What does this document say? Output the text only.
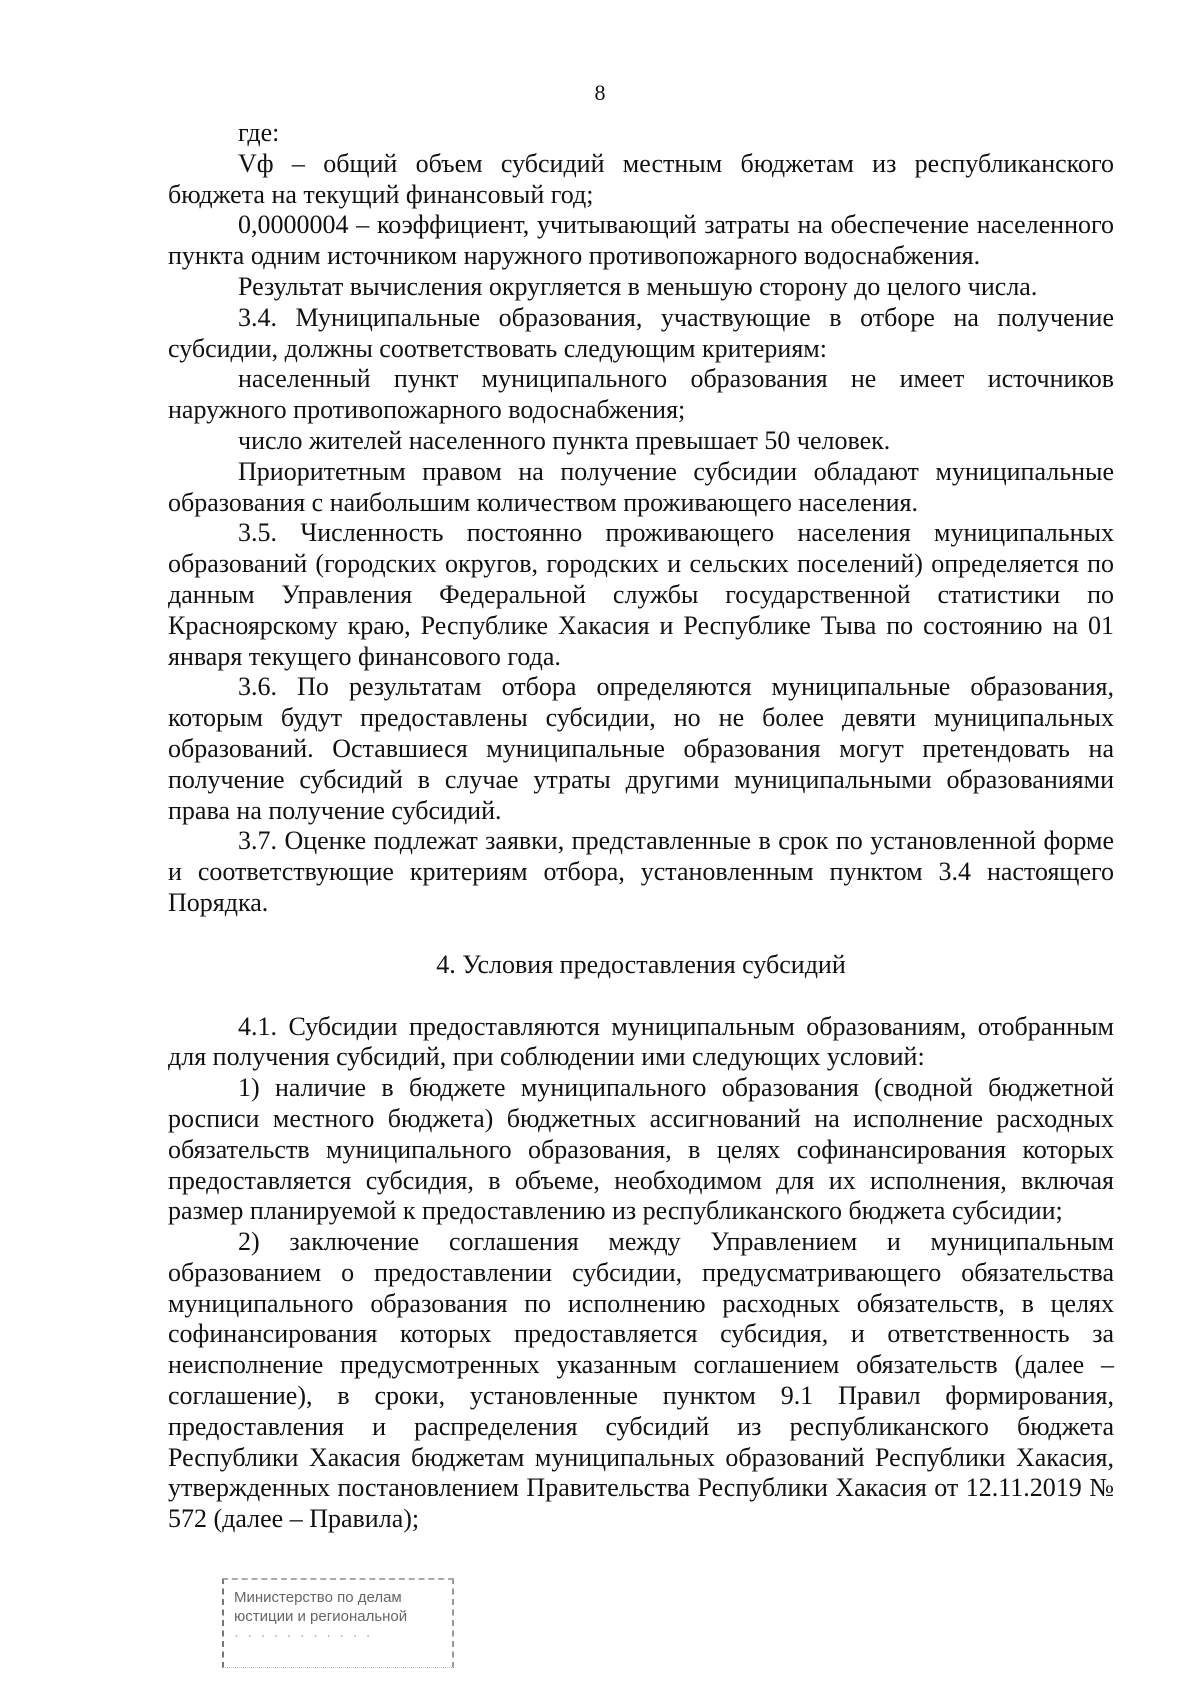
8

где:

Vф – общий объем субсидий местным бюджетам из республиканского бюджета на текущий финансовый год;

0,0000004 – коэффициент, учитывающий затраты на обеспечение населенного пункта одним источником наружного противопожарного водоснабжения.

Результат вычисления округляется в меньшую сторону до целого числа.

3.4. Муниципальные образования, участвующие в отборе на получение субсидии, должны соответствовать следующим критериям:

населенный пункт муниципального образования не имеет источников наружного противопожарного водоснабжения;

число жителей населенного пункта превышает 50 человек.

Приоритетным правом на получение субсидии обладают муниципальные образования с наибольшим количеством проживающего населения.

3.5. Численность постоянно проживающего населения муниципальных образований (городских округов, городских и сельских поселений) определяется по данным Управления Федеральной службы государственной статистики по Красноярскому краю, Республике Хакасия и Республике Тыва по состоянию на 01 января текущего финансового года.

3.6. По результатам отбора определяются муниципальные образования, которым будут предоставлены субсидии, но не более девяти муниципальных образований. Оставшиеся муниципальные образования могут претендовать на получение субсидий в случае утраты другими муниципальными образованиями права на получение субсидий.

3.7. Оценке подлежат заявки, представленные в срок по установленной форме и соответствующие критериям отбора, установленным пунктом 3.4 настоящего Порядка.

4. Условия предоставления субсидий

4.1. Субсидии предоставляются муниципальным образованиям, отобранным для получения субсидий, при соблюдении ими следующих условий:

1) наличие в бюджете муниципального образования (сводной бюджетной росписи местного бюджета) бюджетных ассигнований на исполнение расходных обязательств муниципального образования, в целях софинансирования которых предоставляется субсидия, в объеме, необходимом для их исполнения, включая размер планируемой к предоставлению из республиканского бюджета субсидии;

2) заключение соглашения между Управлением и муниципальным образованием о предоставлении субсидии, предусматривающего обязательства муниципального образования по исполнению расходных обязательств, в целях софинансирования которых предоставляется субсидия, и ответственность за неисполнение предусмотренных указанным соглашением обязательств (далее – соглашение), в сроки, установленные пунктом 9.1 Правил формирования, предоставления и распределения субсидий из республиканского бюджета Республики Хакасия бюджетам муниципальных образований Республики Хакасия, утвержденных постановлением Правительства Республики Хакасия от 12.11.2019 № 572 (далее – Правила);

Министерство по делам
юстиции и региональной
· · · · · · · · · · ·
